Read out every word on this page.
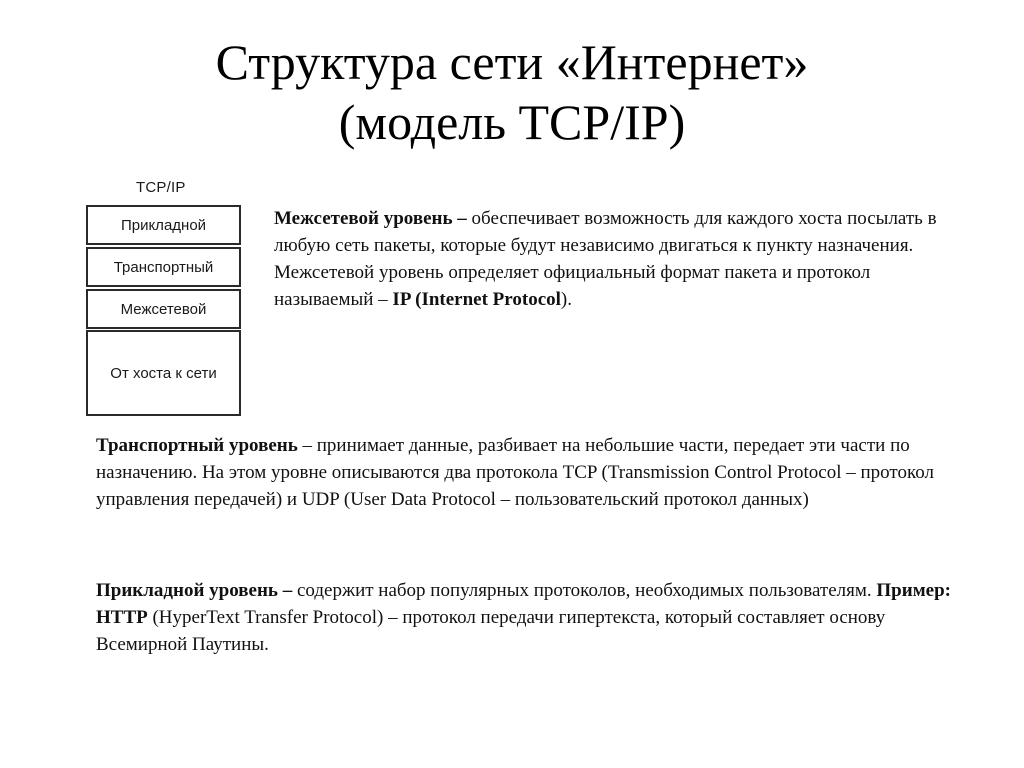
Структура сети «Интернет»
(модель TCP/IP)
TCP/IP
Прикладной
Транспортный
Межсетевой
От хоста к сети

Межсетевой уровень – обеспечивает возможность для каждого хоста посылать в любую сеть пакеты, которые будут независимо двигаться к пункту назначения. Межсетевой уровень определяет официальный формат пакета и протокол называемый – IP (Internet Protocol).

Транспортный уровень – принимает данные, разбивает на небольшие части, передает эти части по назначению. На этом уровне описываются два протокола TCP (Transmission Control Protocol – протокол управления передачей) и UDP (User Data Protocol – пользовательский протокол данных)

Прикладной уровень – содержит набор популярных протоколов, необходимых пользователям. Пример: HTTP (HyperText Transfer Protocol) – протокол передачи гипертекста, который составляет основу Всемирной Паутины.
